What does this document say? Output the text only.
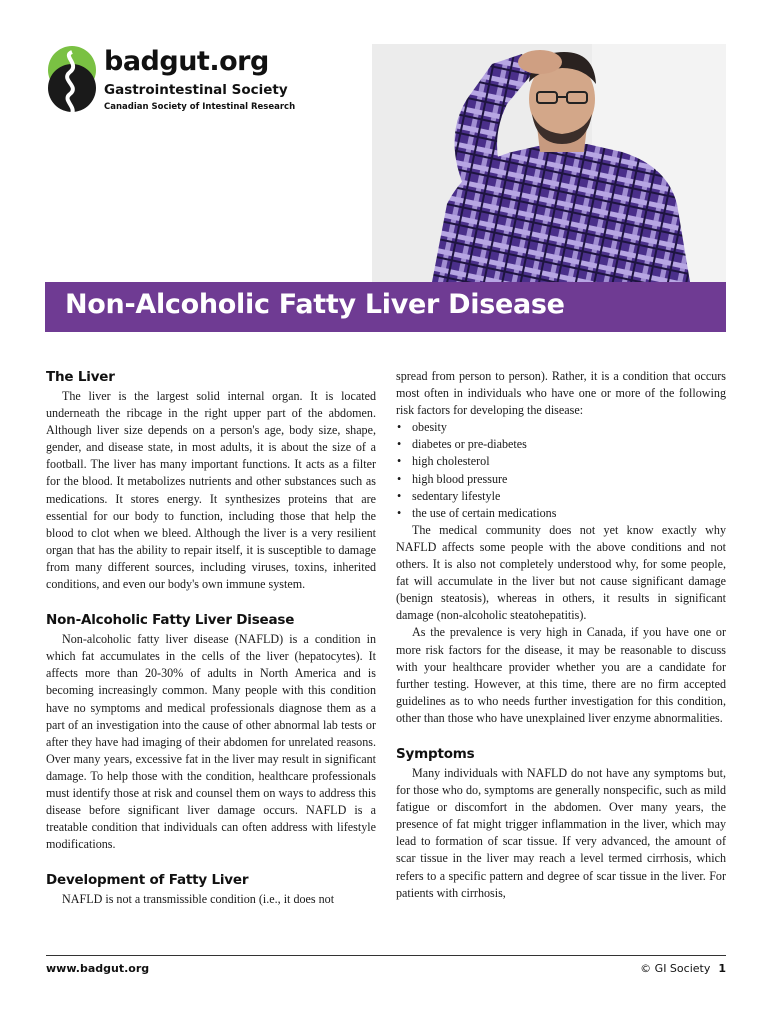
badgut.org
Gastrointestinal Society
Canadian Society of Intestinal Research
Non-Alcoholic Fatty Liver Disease
The Liver

The liver is the largest solid internal organ. It is located underneath the ribcage in the right upper part of the abdomen. Although liver size depends on a person's age, body size, shape, gender, and disease state, in most adults, it is about the size of a football. The liver has many important functions. It acts as a filter for the blood. It metabolizes nutrients and other substances such as medications. It stores energy. It synthesizes proteins that are essential for our body to function, including those that help the blood to clot when we bleed. Although the liver is a very resilient organ that has the ability to repair itself, it is susceptible to damage from many different sources, including viruses, toxins, inherited conditions, and even our body's own immune system.

Non-Alcoholic Fatty Liver Disease

Non-alcoholic fatty liver disease (NAFLD) is a condition in which fat accumulates in the cells of the liver (hepatocytes). It affects more than 20-30% of adults in North America and is becoming increasingly common. Many people with this condition have no symptoms and medical professionals diagnose them as a part of an investigation into the cause of other abnormal lab tests or after they have had imaging of their abdomen for unrelated reasons. Over many years, excessive fat in the liver may result in significant damage. To help those with the condition, healthcare professionals must identify those at risk and counsel them on ways to address this disease before significant liver damage occurs. NAFLD is a treatable condition that individuals can often address with lifestyle modifications.

Development of Fatty Liver

NAFLD is not a transmissible condition (i.e., it does not

spread from person to person). Rather, it is a condition that occurs most often in individuals who have one or more of the following risk factors for developing the disease:

• obesity
• diabetes or pre-diabetes
• high cholesterol
• high blood pressure
• sedentary lifestyle
• the use of certain medications

The medical community does not yet know exactly why NAFLD affects some people with the above conditions and not others. It is also not completely understood why, for some people, fat will accumulate in the liver but not cause significant damage (benign steatosis), whereas in others, it results in significant damage (non-alcoholic steatohepatitis).

As the prevalence is very high in Canada, if you have one or more risk factors for the disease, it may be reasonable to discuss with your healthcare provider whether you are a candidate for further testing. However, at this time, there are no firm accepted guidelines as to who needs further investigation for this condition, other than those who have unexplained liver enzyme abnormalities.

Symptoms

Many individuals with NAFLD do not have any symptoms but, for those who do, symptoms are generally nonspecific, such as mild fatigue or discomfort in the abdomen. Over many years, the presence of fat might trigger inflammation in the liver, which may lead to formation of scar tissue. If very advanced, the amount of scar tissue in the liver may reach a level termed cirrhosis, which refers to a specific pattern and degree of scar tissue in the liver. For patients with cirrhosis,

www.badgut.org	© GI Society 1
